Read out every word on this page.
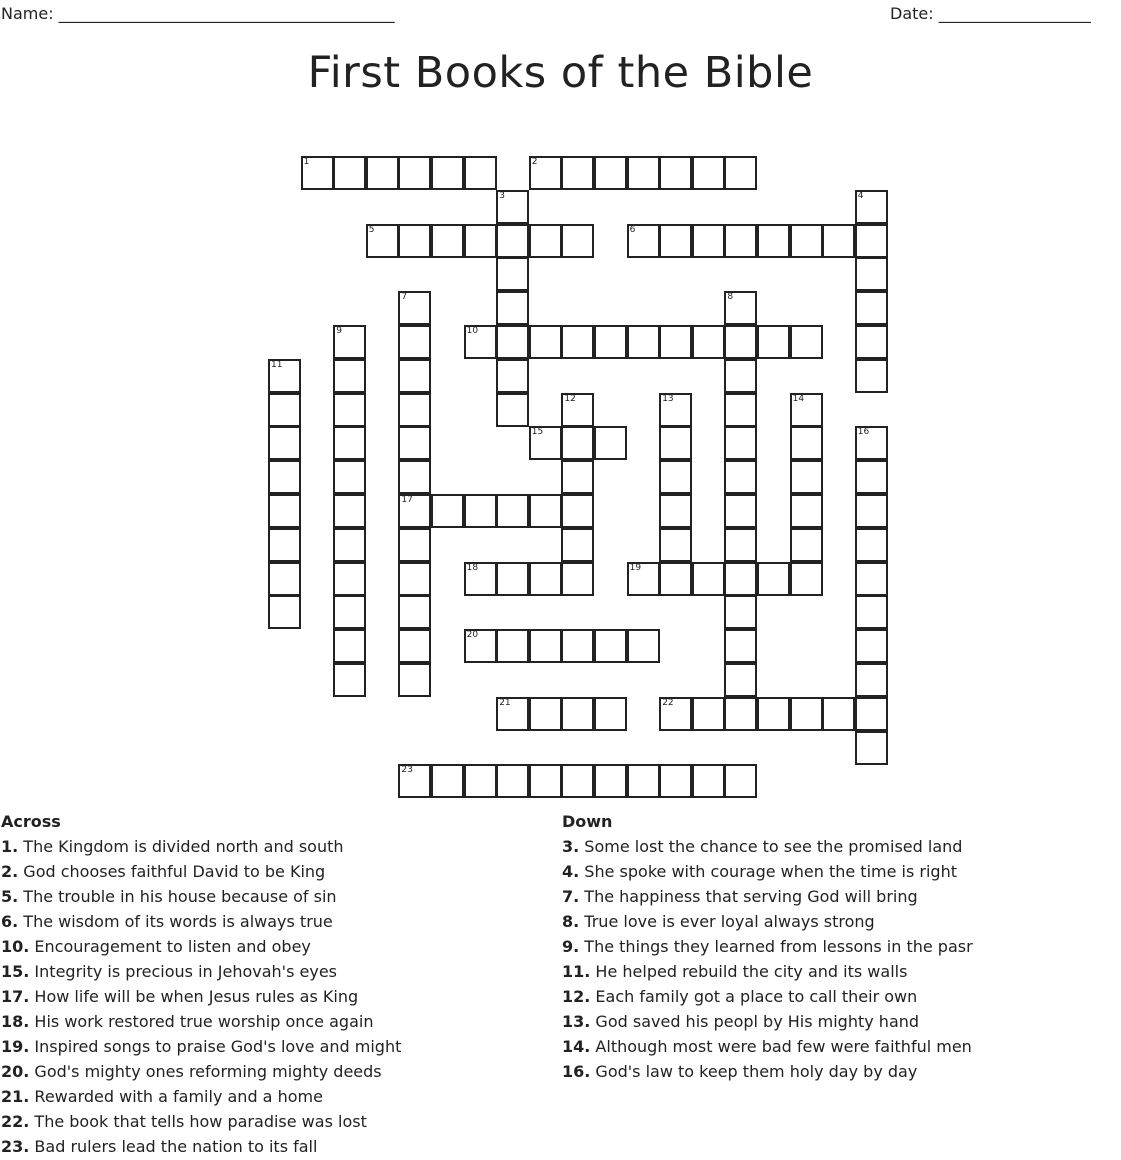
Name: __________________________________________	Date: ___________________
First Books of the Bible
1	2
3	4
5	6
7	8
9	10
11
12	13	14
15	16
17
18	19
20
21	22
23
Across
1. The Kingdom is divided north and south
2. God chooses faithful David to be King
5. The trouble in his house because of sin
6. The wisdom of its words is always true
10. Encouragement to listen and obey
15. Integrity is precious in Jehovah's eyes
17. How life will be when Jesus rules as King
18. His work restored true worship once again
19. Inspired songs to praise God's love and might
20. God's mighty ones reforming mighty deeds
21. Rewarded with a family and a home
22. The book that tells how paradise was lost
23. Bad rulers lead the nation to its fall
Down
3. Some lost the chance to see the promised land
4. She spoke with courage when the time is right
7. The happiness that serving God will bring
8. True love is ever loyal always strong
9. The things they learned from lessons in the pasr
11. He helped rebuild the city and its walls
12. Each family got a place to call their own
13. God saved his peopl by His mighty hand
14. Although most were bad few were faithful men
16. God's law to keep them holy day by day
